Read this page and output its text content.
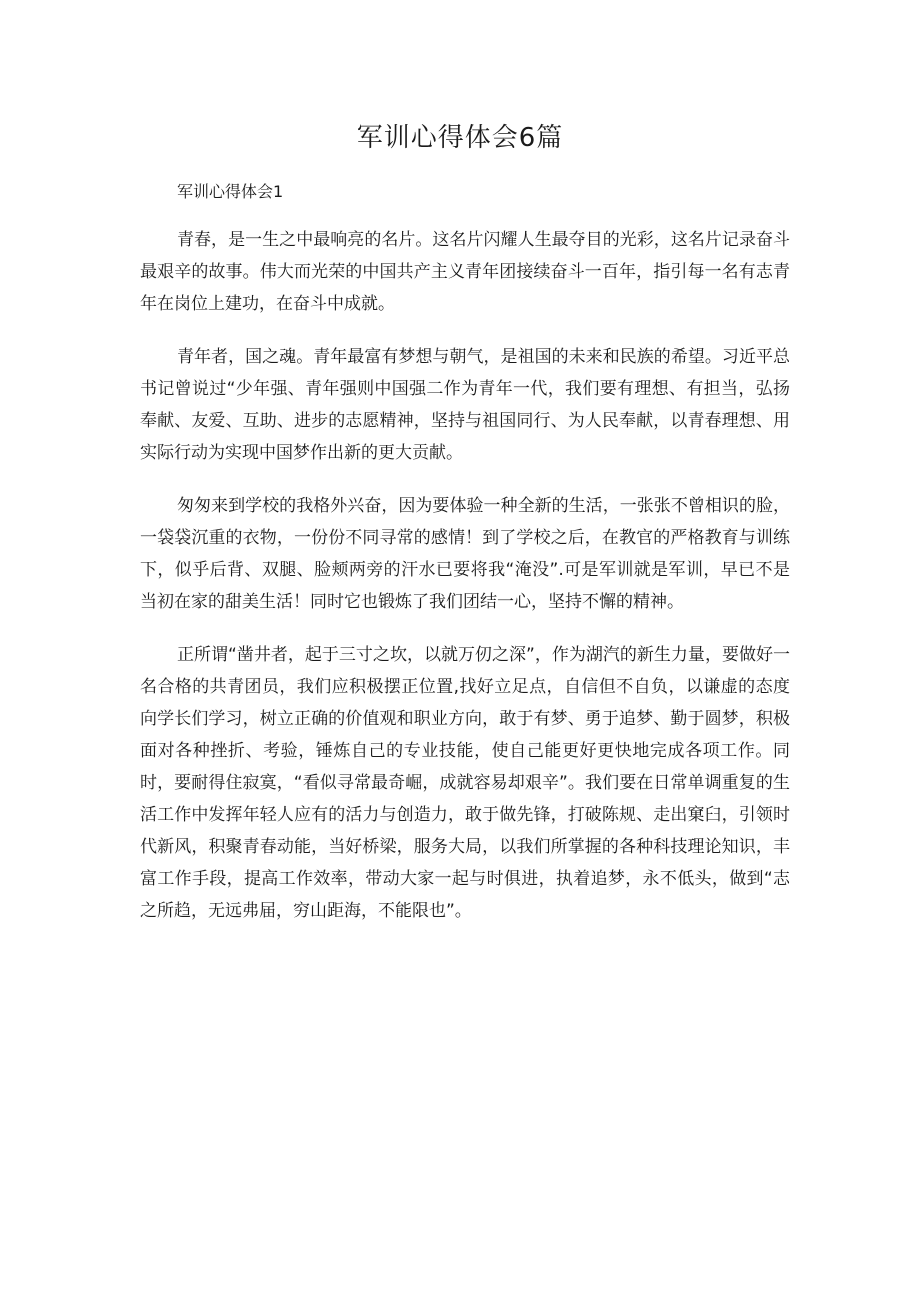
军训心得体会6篇
军训心得体会1

青春，是一生之中最响亮的名片。这名片闪耀人生最夺目的光彩，这名片记录奋斗最艰辛的故事。伟大而光荣的中国共产主义青年团接续奋斗一百年，指引每一名有志青年在岗位上建功，在奋斗中成就。

青年者，国之魂。青年最富有梦想与朝气，是祖国的未来和民族的希望。习近平总书记曾说过“少年强、青年强则中国强二作为青年一代，我们要有理想、有担当，弘扬奉献、友爱、互助、进步的志愿精神，坚持与祖国同行、为人民奉献，以青春理想、用实际行动为实现中国梦作出新的更大贡献。

匆匆来到学校的我格外兴奋，因为要体验一种全新的生活，一张张不曾相识的脸，一袋袋沉重的衣物，一份份不同寻常的感情！到了学校之后，在教官的严格教育与训练下，似乎后背、双腿、脸颊两旁的汗水已要将我“淹没”.可是军训就是军训，早已不是当初在家的甜美生活！同时它也锻炼了我们团结一心，坚持不懈的精神。

正所谓“凿井者，起于三寸之坎，以就万仞之深”，作为湖汽的新生力量，要做好一名合格的共青团员，我们应积极摆正位置,找好立足点，自信但不自负，以谦虚的态度向学长们学习，树立正确的价值观和职业方向，敢于有梦、勇于追梦、勤于圆梦，积极面对各种挫折、考验，锤炼自己的专业技能，使自己能更好更快地完成各项工作。同时，要耐得住寂寞，“看似寻常最奇崛，成就容易却艰辛”。我们要在日常单调重复的生活工作中发挥年轻人应有的活力与创造力，敢于做先锋，打破陈规、走出窠臼，引领时代新风，积聚青春动能，当好桥梁，服务大局，以我们所掌握的各种科技理论知识，丰富工作手段，提高工作效率，带动大家一起与时俱进，执着追梦，永不低头，做到“志之所趋，无远弗届，穷山距海，不能限也”。
